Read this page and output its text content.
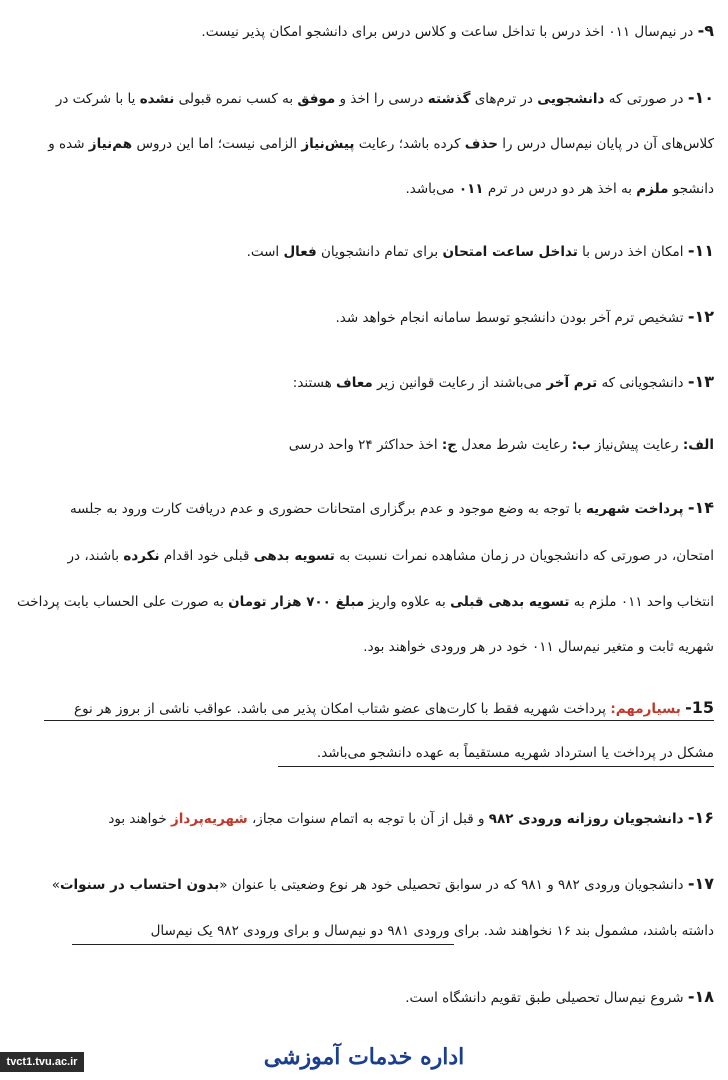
۹- در نیم‌سال ۰۱۱ اخذ درس با تداخل ساعت و کلاس درس برای دانشجو امکان پذیر نیست.
۱۰- در صورتی که دانشجویی در ترم‌های گذشته درسی را اخذ و موفق به کسب نمره قبولی نشده یا با شرکت در
کلاس‌های آن در پایان نیم‌سال درس را حذف کرده باشد؛ رعایت پیش‌نیاز الزامی نیست؛ اما این دروس هم‌نیاز شده و
دانشجو ملزم به اخذ هر دو درس در ترم ۰۱۱ می‌باشد.
۱۱- امکان اخذ درس با تداخل ساعت امتحان برای تمام دانشجویان فعال است.
۱۲- تشخیص ترم آخر بودن دانشجو توسط سامانه انجام خواهد شد.
۱۳- دانشجویانی که ترم آخر می‌باشند از رعایت قوانین زیر معاف هستند:
الف: رعایت پیش‌نیاز ب: رعایت شرط معدل ج: اخذ حداکثر ۲۴ واحد درسی
۱۴- پرداخت شهریه با توجه به وضع موجود و عدم برگزاری امتحانات حضوری و عدم دریافت کارت ورود به جلسه
امتحان، در صورتی که دانشجویان در زمان مشاهده نمرات نسبت به تسویه بدهی قبلی خود اقدام نکرده باشند، در
انتخاب واحد ۰۱۱ ملزم به تسویه بدهی قبلی به علاوه واریز مبلغ ۷۰۰ هزار تومان به صورت علی الحساب بابت پرداخت
شهریه ثابت و متغیر نیم‌سال ۰۱۱ خود در هر ورودی خواهند بود.
15- بسیار‌مهم: پرداخت شهریه فقط با کارت‌های عضو شتاب امکان پذیر می باشد. عواقب ناشی از بروز هر نوع
مشکل در پرداخت یا استرداد شهریه مستقیماً به عهده دانشجو می‌باشد.
۱۶- دانشجویان روزانه ورودی ۹۸۲ و قبل از آن با توجه به اتمام سنوات مجاز، شهریه‌پرداز خواهند بود
۱۷- دانشجویان ورودی ۹۸۲ و ۹۸۱ که در سوابق تحصیلی خود هر نوع وضعیتی با عنوان «بدون احتساب در سنوات»
داشته باشند، مشمول بند ۱۶ نخواهند شد. برای ورودی ۹۸۱ دو نیم‌سال و برای ورودی ۹۸۲ یک نیم‌سال
۱۸- شروع نیم‌سال تحصیلی طبق تقویم دانشگاه است.
اداره خدمات آموزشی
tvct1.tvu.ac.ir
